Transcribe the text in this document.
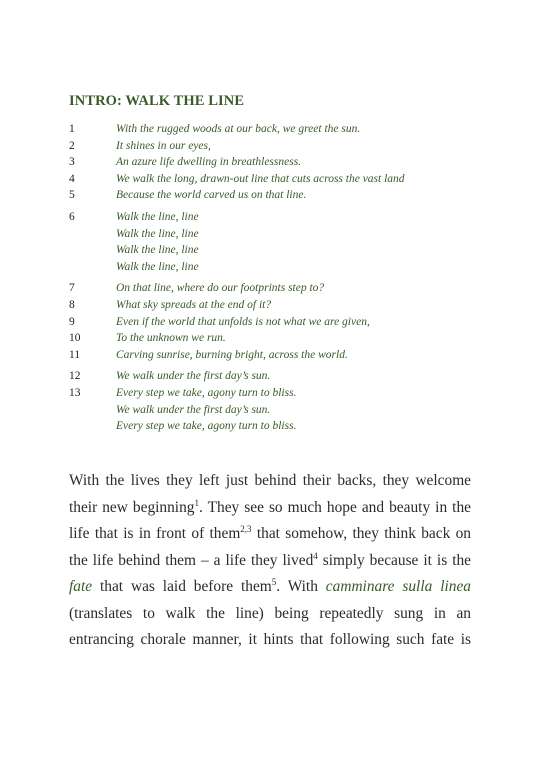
INTRO: WALK THE LINE
1	With the rugged woods at our back, we greet the sun.
2	It shines in our eyes,
3	An azure life dwelling in breathlessness.
4	We walk the long, drawn-out line that cuts across the vast land
5	Because the world carved us on that line.
6	Walk the line, line
Walk the line, line
Walk the line, line
Walk the line, line
7	On that line, where do our footprints step to?
8	What sky spreads at the end of it?
9	Even if the world that unfolds is not what we are given,
10	To the unknown we run.
11	Carving sunrise, burning bright, across the world.
12	We walk under the first day’s sun.
13	Every step we take, agony turn to bliss.
We walk under the first day’s sun.
Every step we take, agony turn to bliss.
With the lives they left just behind their backs, they welcome
their new beginning$^1$. They see so much hope and beauty in the
life that is in front of them$^{2,3}$ that somehow, they think back on
the life behind them – a life they lived$^4$ simply because it is the
fate that was laid before them$^5$. With camminare sulla linea
(translates to walk the line) being repeatedly sung in an
entrancing chorale manner, it hints that following such fate is
